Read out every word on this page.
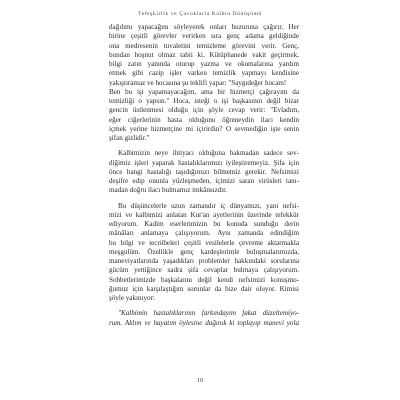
Tefeşkirlik ve Çocuklarla Kalbin Dönüşümü
dağılımı yapacağını söyleyerek onları huzuruna çağırır. Her
birine çeşitli görevler verirken sıra genç adama geldiğinde
ona medresenin tuvaletini temizleme görevini verir. Genç,
bundan hoşnut olmaz tabii ki. Kütüphanede vakit geçirmek,
bilgi zatın yanında oturup yazma ve okumalarına yardım
etmek gibi cazip işler varken temizlik yapmayı kendisine yakıştıramaz ve hocasına şu teklifi yapar: "Saygıdeğer hocam!
Ben bu işi yapamayacağım, ama bir hizmetçi çağırayım da
temizliği o yapsın." Hoca, isteği o işi başkasının değil bizar
gencin üstlenmesi olduğu için şöyle cevap verir: "Evladım,
eğer ciğerlerinin hasta olduğunu öğreneydin ilacı kendin
içmek yerine hizmetçine mi içirirdin? O sevmediğin işte senin
şifan gizlidir."
Kalbimizin neye ihtiyacı olduğuna bakmadan sadece sev-
diğimiz işleri yaparak hastalıklarımızı iyileştiremeyiz. Şifa için
önce hangi hastalığı taşıdığımızı bilmemiz gerekir. Nefsimizi
deşifre edip onunla yüzleşmeden, içimizi saran virüsleri tanı-
madan doğru ilacı bulmamız imkânsızdır.
Bu düşüncelerle uzun zamandır iç dünyamızı, yani nefsi-
mizi ve kalbimizi anlatan Kur'an ayetlerinin üzerinde tefekkür
ediyorum. Kadim eserlerimizin bu konuda sunduğu derin
mânâları anlamaya çalışıyorum. Aynı zamanda edindiğim
bu bilgi ve tecrübeleri çeşitli vesilelerle çevreme aktarmakla
meşgulüm. Özellikle genç kardeşlerimle buluşmalarımızda,
maneviyatlarında yaşadıkları problemler hakkındaki sorularına
gücüm yettiğince sadra şifa cevaplar bulmaya çalışıyorum.
Sohbetlerimizde başkalarını değil kendi nefsimizi konuşmo-
ğumuz için karşılaştığım sorunlar da bize dair oluyor. Kimisi
şöyle yakınıyor:
"Kalbimin hastalıklarının farkındayım fakat düzeltemiyo-
rum. Aklım ve hayatım öylesine dağınık ki toplayıp manevi yola
10
